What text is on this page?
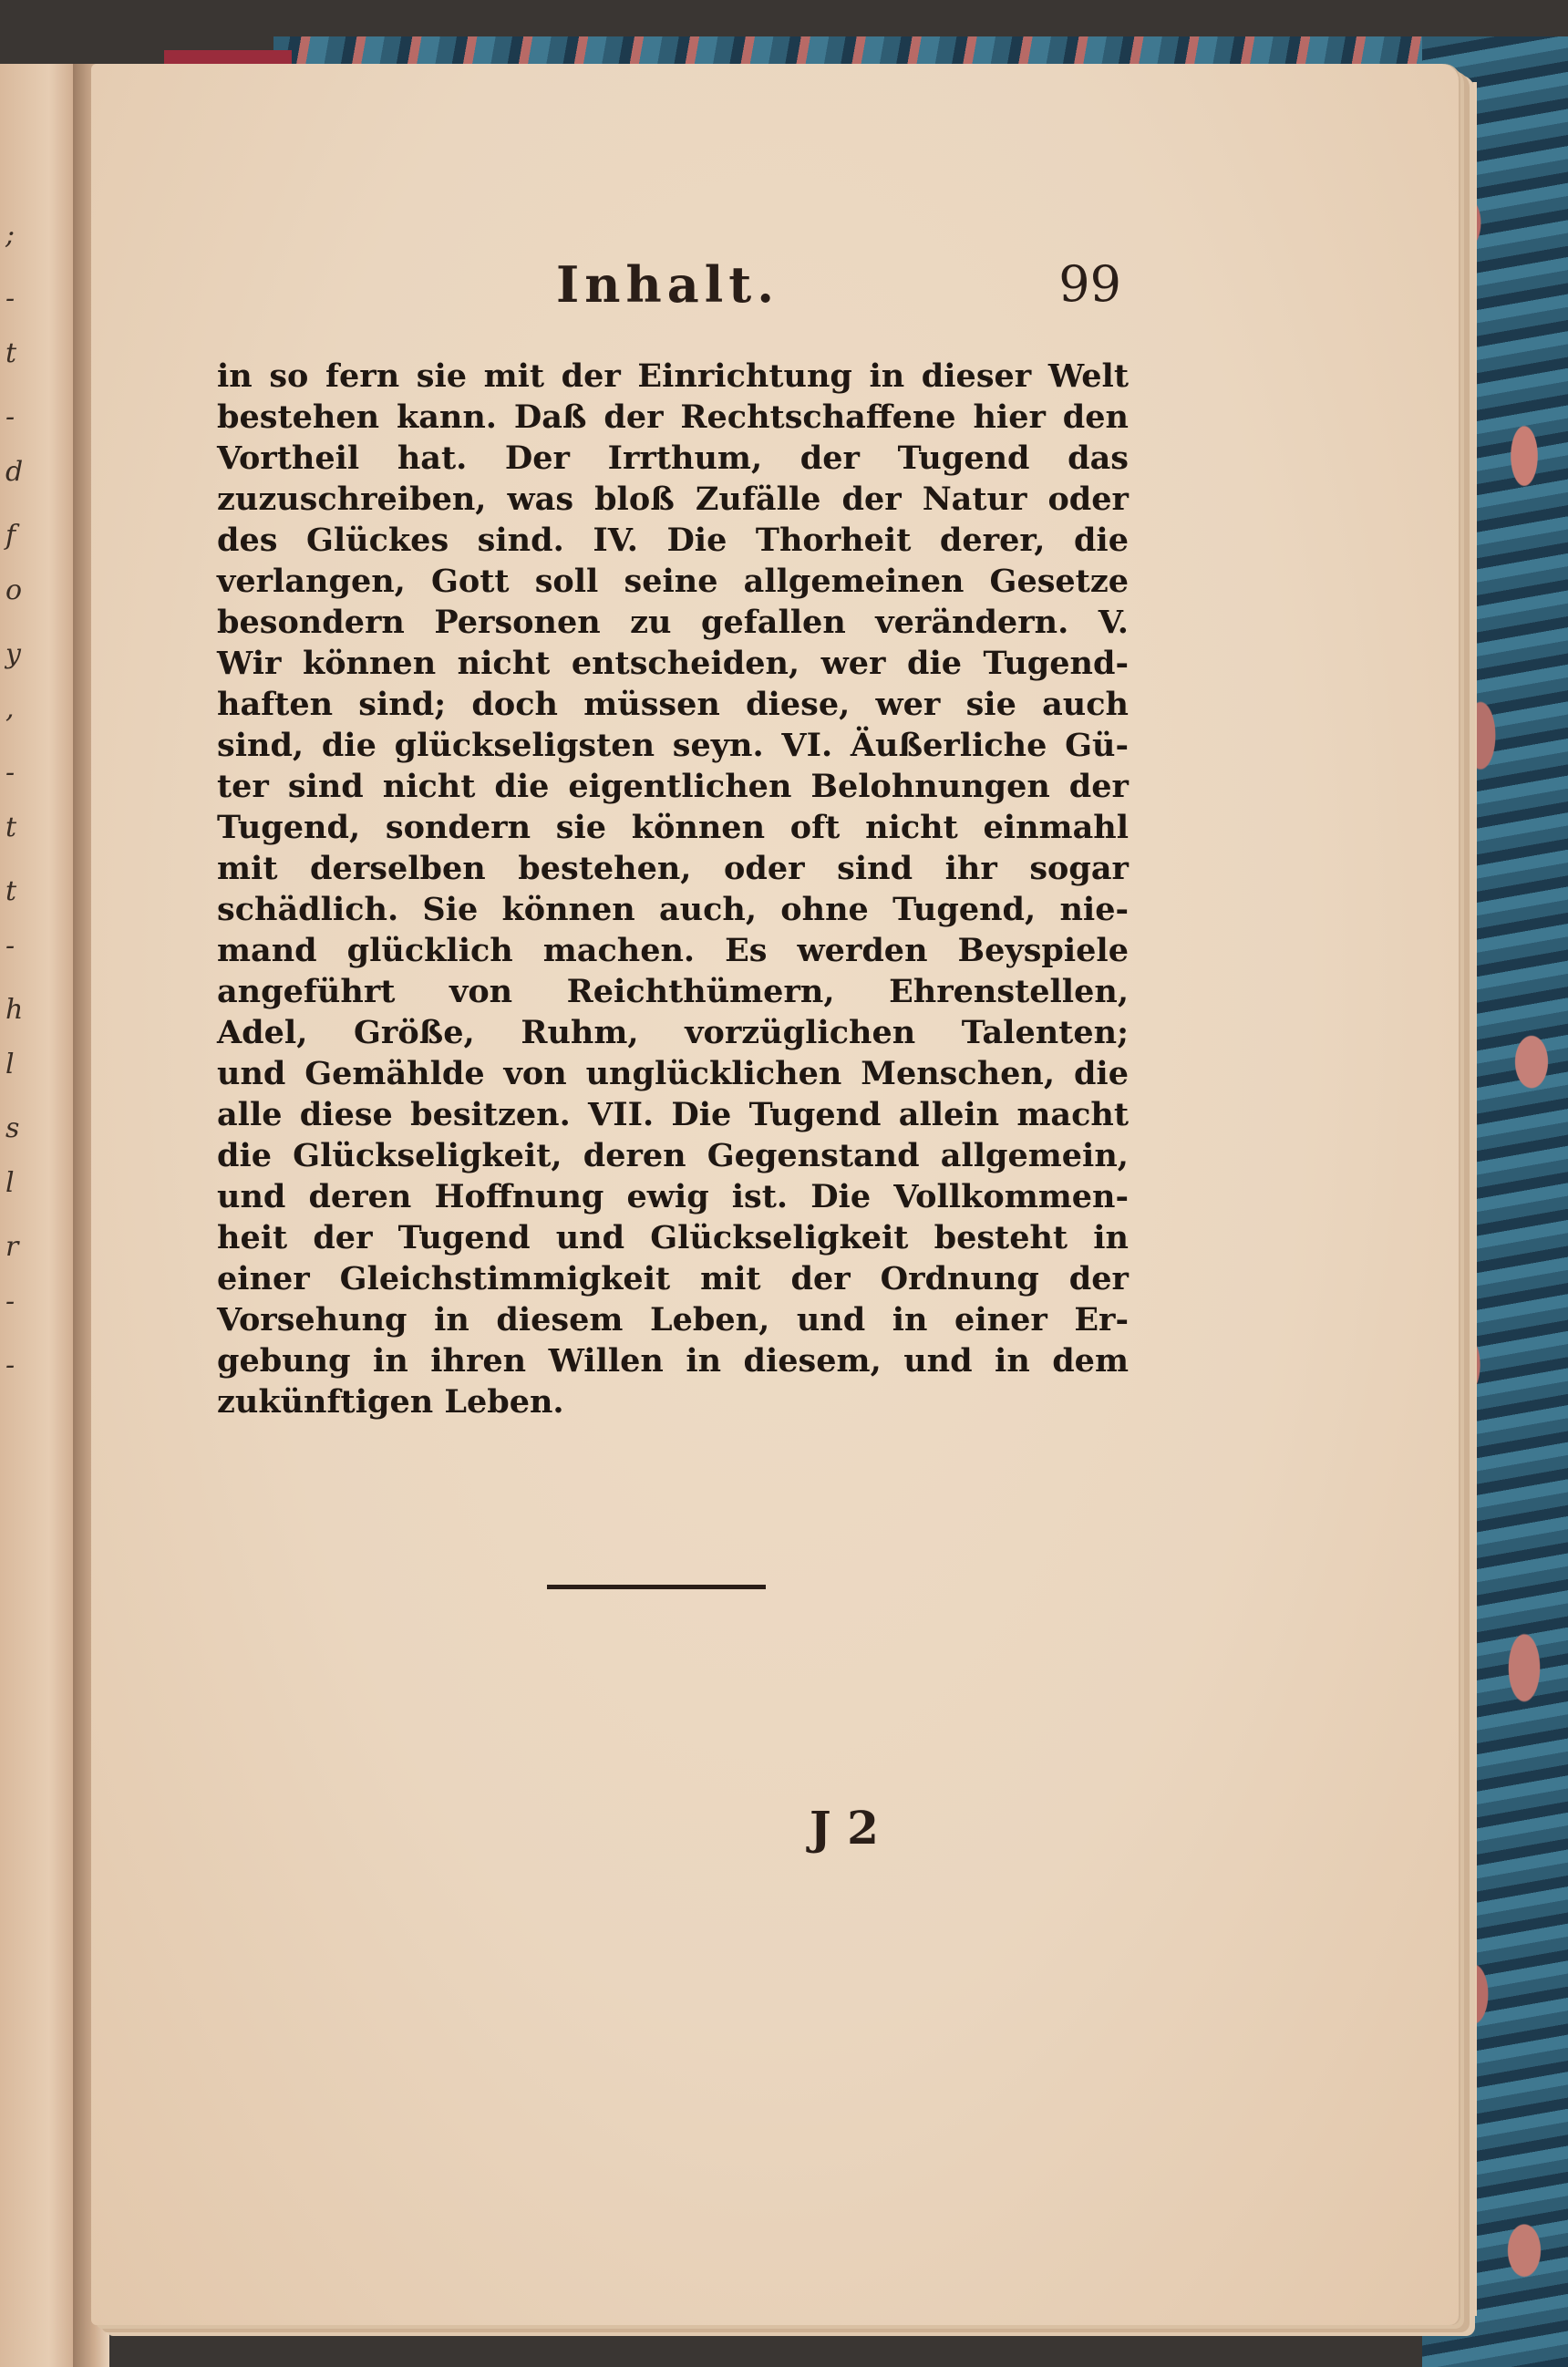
;
-
t
-
d
f
o
y
,
-
t
t
-
h
l
s
l
r
-
-
Inhalt.	99
in so fern sie mit der Einrichtung in dieser Welt
bestehen kann. Daß der Rechtschaffene hier den
Vortheil hat. Der Irrthum, der Tugend das
zuzuschreiben, was bloß Zufälle der Natur oder
des Glückes sind. IV. Die Thorheit derer, die
verlangen, Gott soll seine allgemeinen Gesetze
besondern Personen zu gefallen verändern. V.
Wir können nicht entscheiden, wer die Tugend-
haften sind; doch müssen diese, wer sie auch
sind, die glückseligsten seyn. VI. Äußerliche Gü-
ter sind nicht die eigentlichen Belohnungen der
Tugend, sondern sie können oft nicht einmahl
mit derselben bestehen, oder sind ihr sogar
schädlich. Sie können auch, ohne Tugend, nie-
mand glücklich machen. Es werden Beyspiele
angeführt von Reichthümern, Ehrenstellen,
Adel, Größe, Ruhm, vorzüglichen Talenten;
und Gemählde von unglücklichen Menschen, die
alle diese besitzen. VII. Die Tugend allein macht
die Glückseligkeit, deren Gegenstand allgemein,
und deren Hoffnung ewig ist. Die Vollkommen-
heit der Tugend und Glückseligkeit besteht in
einer Gleichstimmigkeit mit der Ordnung der
Vorsehung in diesem Leben, und in einer Er-
gebung in ihren Willen in diesem, und in dem
zukünftigen Leben.
J 2
